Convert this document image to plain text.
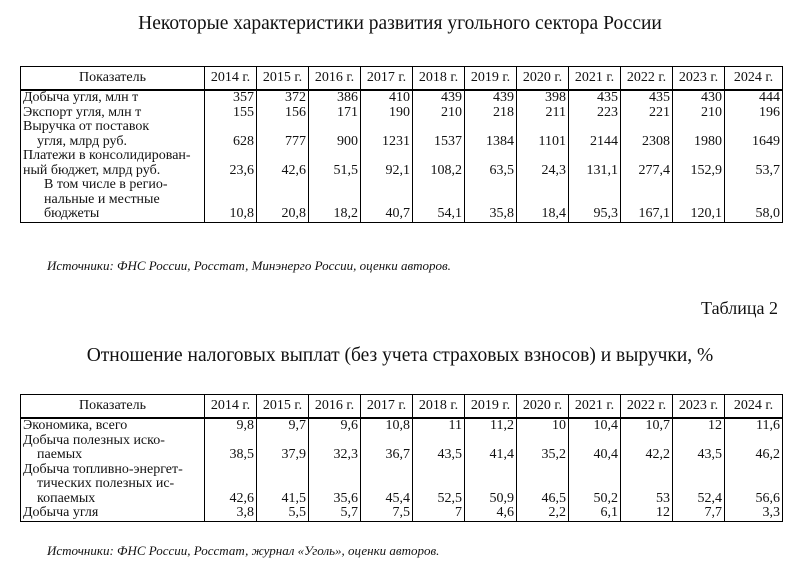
Некоторые характеристики развития угольного сектора России
Показатель	2014 г.	2015 г.	2016 г.	2017 г.	2018 г.	2019 г.	2020 г.	2021 г.	2022 г.	2023 г.	2024 г.

Добыча угля, млн т	357	372	386	410	439	439	398	435	435	430	444

Экспорт угля, млн т	155	156	171	190	210	218	211	223	221	210	196

Выручка от поставок
угля, млрд руб.	628	777	900	1231	1537	1384	1101	2144	2308	1980	1649

Платежи в консолидирован-
ный бюджет, млрд руб.	23,6	42,6	51,5	92,1	108,2	63,5	24,3	131,1	277,4	152,9	53,7

В том числе в регио-
нальные и местные
бюджеты	10,8	20,8	18,2	40,7	54,1	35,8	18,4	95,3	167,1	120,1	58,0
Источники: ФНС России, Росстат, Минэнерго России, оценки авторов.
Таблица 2
Отношение налоговых выплат (без учета страховых взносов) и выручки, %
Показатель	2014 г.	2015 г.	2016 г.	2017 г.	2018 г.	2019 г.	2020 г.	2021 г.	2022 г.	2023 г.	2024 г.

Экономика, всего	9,8	9,7	9,6	10,8	11	11,2	10	10,4	10,7	12	11,6

Добыча полезных иско-
паемых	38,5	37,9	32,3	36,7	43,5	41,4	35,2	40,4	42,2	43,5	46,2

Добыча топливно-энергет-
тических полезных ис-
копаемых	42,6	41,5	35,6	45,4	52,5	50,9	46,5	50,2	53	52,4	56,6

Добыча угля	3,8	5,5	5,7	7,5	7	4,6	2,2	6,1	12	7,7	3,3
Источники: ФНС России, Росстат, журнал «Уголь», оценки авторов.
